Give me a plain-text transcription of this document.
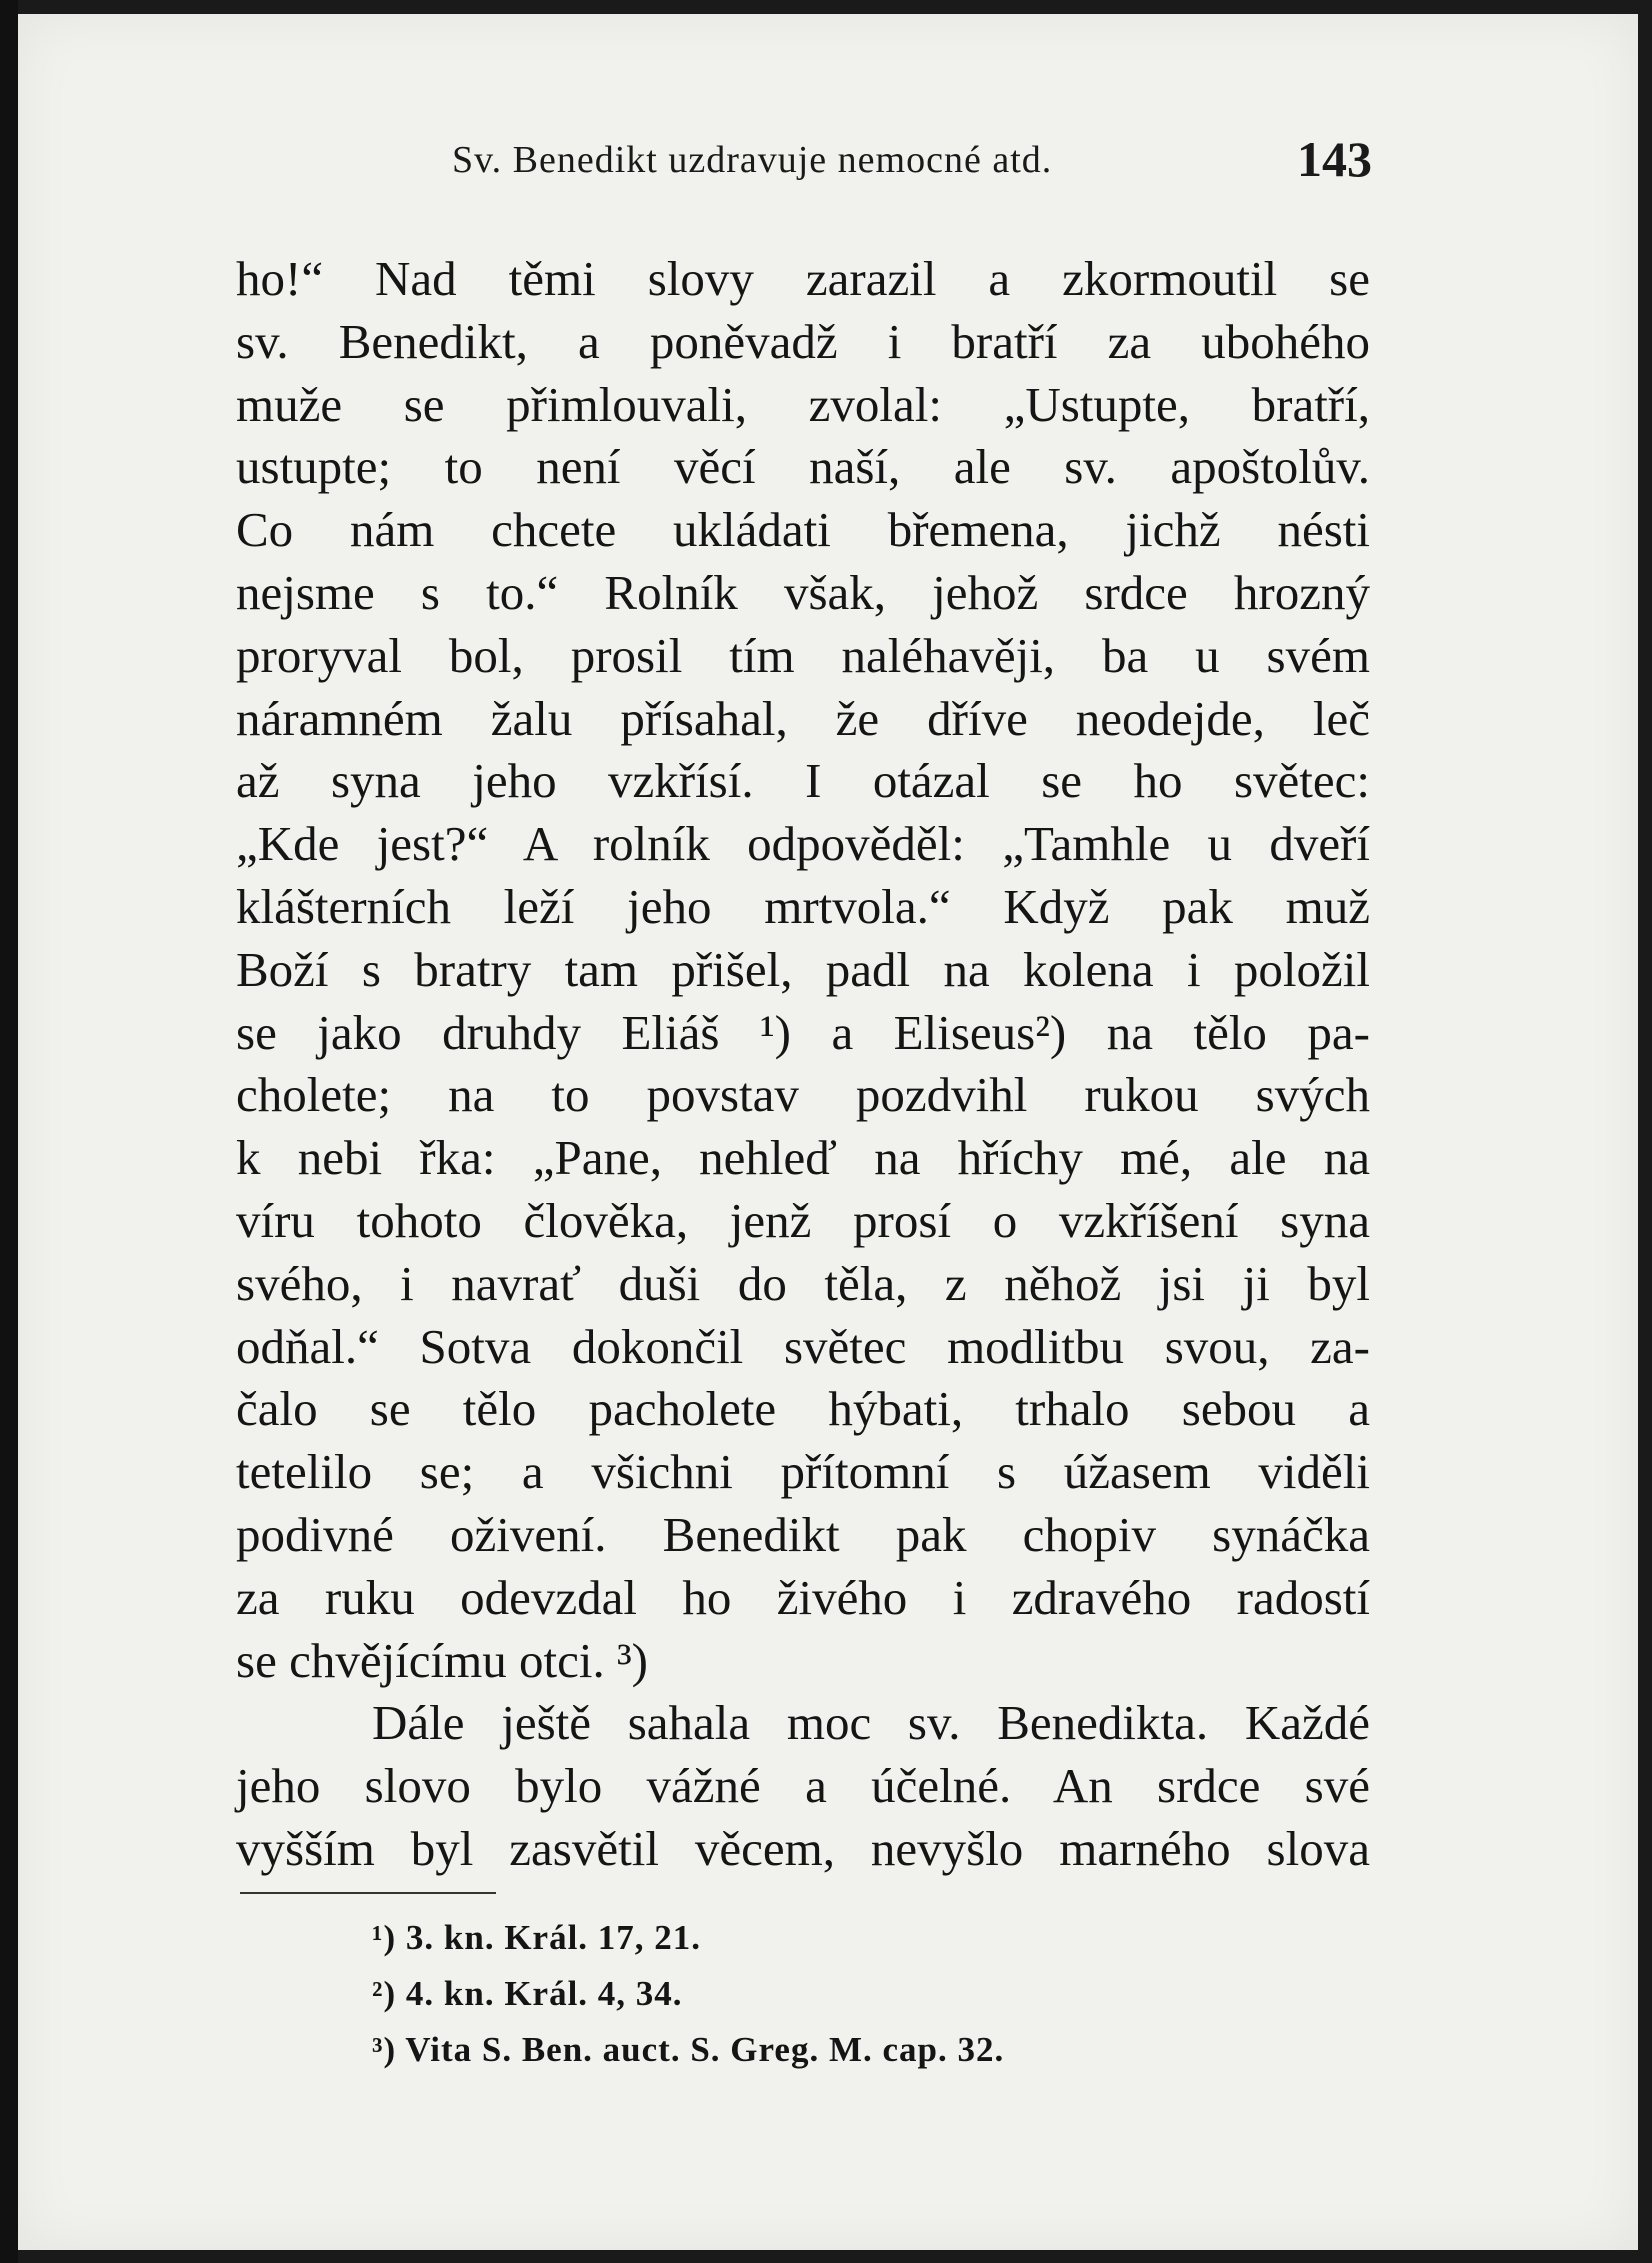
Sv. Benedikt uzdravuje nemocné atd.	143
ho!“ Nad těmi slovy zarazil a zkormoutil se
sv. Benedikt, a poněvadž i bratří za ubohého
muže se přimlouvali, zvolal: „Ustupte, bratří,
ustupte; to není věcí naší, ale sv. apoštolův.
Co nám chcete ukládati břemena, jichž nésti
nejsme s to.“ Rolník však, jehož srdce hrozný
proryval bol, prosil tím naléhavěji, ba u svém
náramném žalu přísahal, že dříve neodejde, leč
až syna jeho vzkřísí. I otázal se ho světec:
„Kde jest?“ A rolník odpověděl: „Tamhle u dveří
klášterních leží jeho mrtvola.“ Když pak muž
Boží s bratry tam přišel, padl na kolena i položil
se jako druhdy Eliáš ¹) a Eliseus²) na tělo pa-
cholete; na to povstav pozdvihl rukou svých
k nebi řka: „Pane, nehleď na hříchy mé, ale na
víru tohoto člověka, jenž prosí o vzkříšení syna
svého, i navrať duši do těla, z něhož jsi ji byl
odňal.“ Sotva dokončil světec modlitbu svou, za-
čalo se tělo pacholete hýbati, trhalo sebou a
tetelilo se; a všichni přítomní s úžasem viděli
podivné oživení. Benedikt pak chopiv synáčka
za ruku odevzdal ho živého i zdravého radostí
se chvějícímu otci. ³)
Dále ještě sahala moc sv. Benedikta. Každé
jeho slovo bylo vážné a účelné. An srdce své
vyšším byl zasvětil věcem, nevyšlo marného slova
¹) 3. kn. Král. 17, 21.
²) 4. kn. Král. 4, 34.
³) Vita S. Ben. auct. S. Greg. M. cap. 32.
